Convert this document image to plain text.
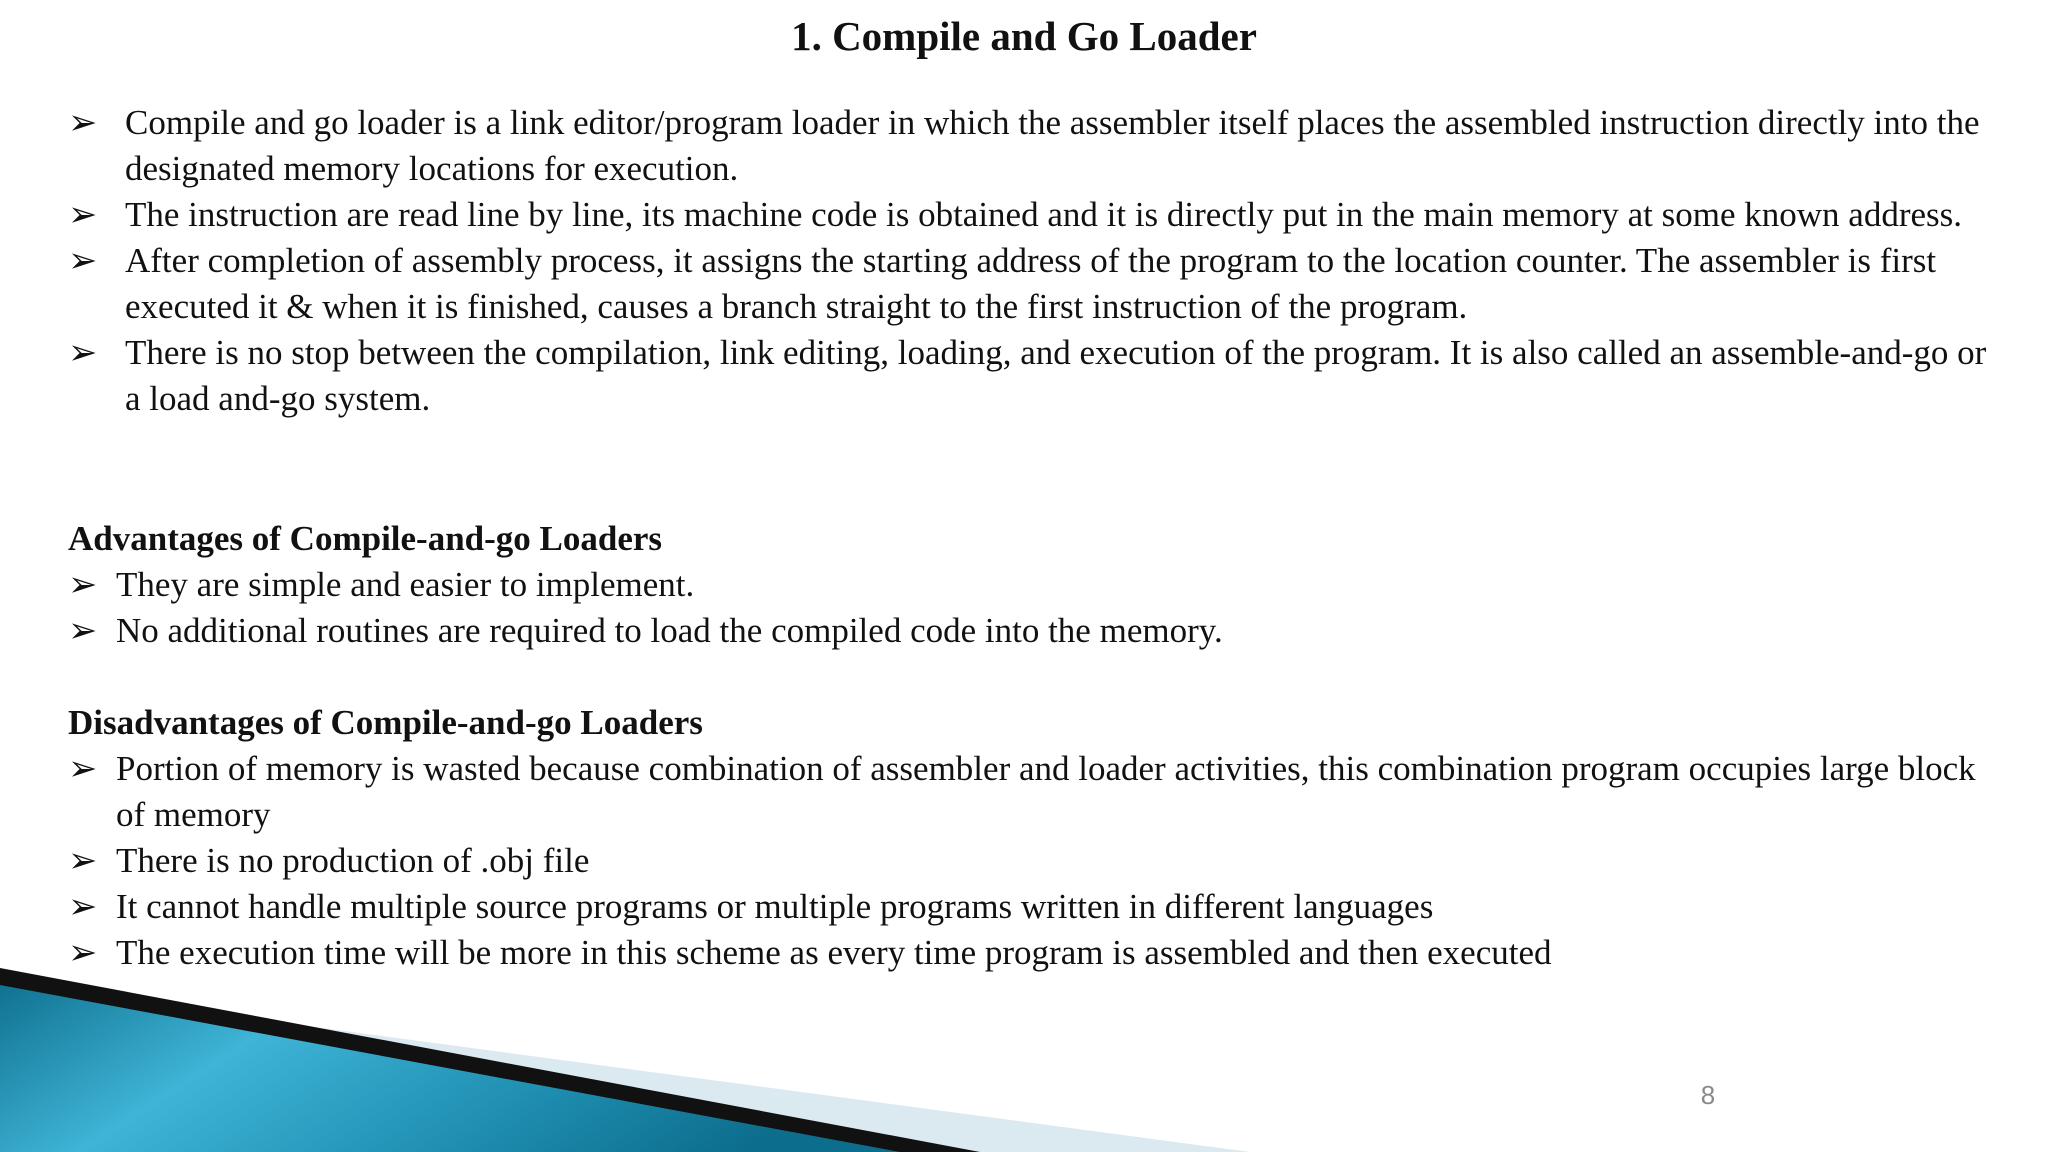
1. Compile and Go Loader
➢ Compile and go loader is a link editor/program loader in which the assembler itself places the assembled instruction directly into the designated memory locations for execution.
➢ The instruction are read line by line, its machine code is obtained and it is directly put in the main memory at some known address.
➢ After completion of assembly process, it assigns the starting address of the program to the location counter. The assembler is first executed it & when it is finished, causes a branch straight to the first instruction of the program.
➢ There is no stop between the compilation, link editing, loading, and execution of the program. It is also called an assemble-and-go or a load and-go system.
Advantages of Compile-and-go Loaders
➢ They are simple and easier to implement.
➢ No additional routines are required to load the compiled code into the memory.
Disadvantages of Compile-and-go Loaders
➢ Portion of memory is wasted because combination of assembler and loader activities, this combination program occupies large block of memory
➢ There is no production of .obj file
➢ It cannot handle multiple source programs or multiple programs written in different languages
➢ The execution time will be more in this scheme as every time program is assembled and then executed
8
